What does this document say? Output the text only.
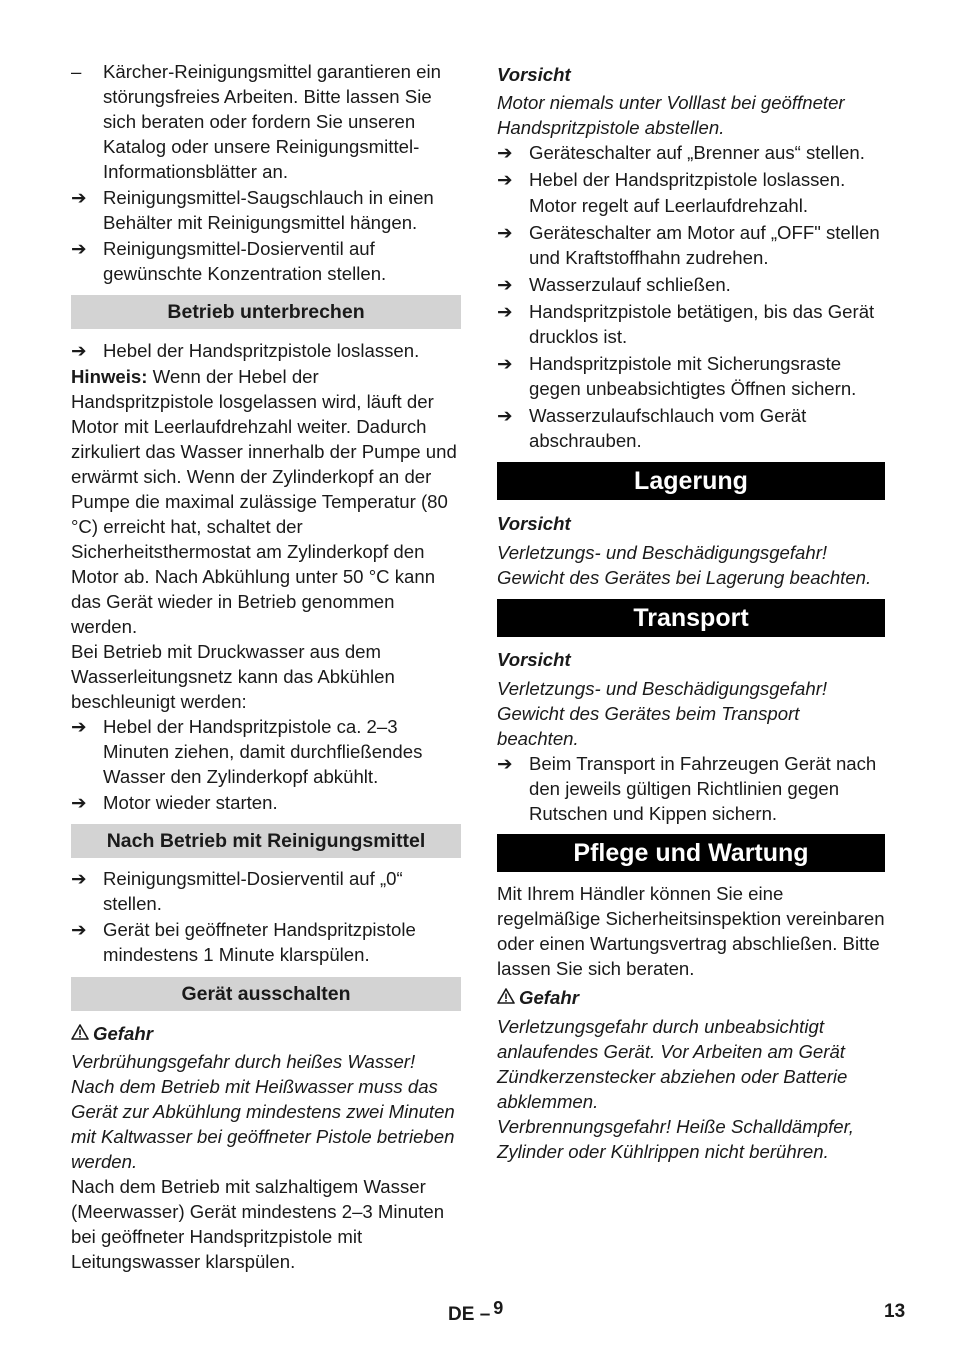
–	Kärcher-Reinigungsmittel garantieren ein störungsfreies Arbeiten. Bitte lassen Sie sich beraten oder fordern Sie unseren Katalog oder unsere Reinigungsmittel-Informationsblätter an.

➔ Reinigungsmittel-Saugschlauch in einen Behälter mit Reinigungsmittel hängen.

➔ Reinigungsmittel-Dosierventil auf gewünschte Konzentration stellen.

Betrieb unterbrechen
➔ Hebel der Handspritzpistole loslassen.

Hinweis: Wenn der Hebel der Handspritzpistole losgelassen wird, läuft der Motor mit Leerlaufdrehzahl weiter. Dadurch zirkuliert das Wasser innerhalb der Pumpe und erwärmt sich. Wenn der Zylinderkopf an der Pumpe die maximal zulässige Temperatur (80 °C) erreicht hat, schaltet der Sicherheitsthermostat am Zylinderkopf den Motor ab. Nach Abkühlung unter 50 °C kann das Gerät wieder in Betrieb genommen werden.

Bei Betrieb mit Druckwasser aus dem Wasserleitungsnetz kann das Abkühlen beschleunigt werden:

➔ Hebel der Handspritzpistole ca. 2–3 Minuten ziehen, damit durchfließendes Wasser den Zylinderkopf abkühlt.

➔ Motor wieder starten.

Nach Betrieb mit Reinigungsmittel
➔ Reinigungsmittel-Dosierventil auf „0“ stellen.

➔ Gerät bei geöffneter Handspritzpistole mindestens 1 Minute klarspülen.

Gerät ausschalten

Gefahr

Verbrühungsgefahr durch heißes Wasser! Nach dem Betrieb mit Heißwasser muss das Gerät zur Abkühlung mindestens zwei Minuten mit Kaltwasser bei geöffneter Pistole betrieben werden.

Nach dem Betrieb mit salzhaltigem Wasser (Meerwasser) Gerät mindestens 2–3 Minuten bei geöffneter Handspritzpistole mit Leitungswasser klarspülen.

Vorsicht

Motor niemals unter Volllast bei geöffneter Handspritzpistole abstellen.

➔ Geräteschalter auf „Brenner aus“ stellen.

➔ Hebel der Handspritzpistole loslassen.

Motor regelt auf Leerlaufdrehzahl.

➔ Geräteschalter am Motor auf „OFF" stellen und Kraftstoffhahn zudrehen.

➔ Wasserzulauf schließen.

➔ Handspritzpistole betätigen, bis das Gerät drucklos ist.

➔ Handspritzpistole mit Sicherungsraste gegen unbeabsichtigtes Öffnen sichern.

➔ Wasserzulaufschlauch vom Gerät abschrauben.

Lagerung

Vorsicht

Verletzungs- und Beschädigungsgefahr! Gewicht des Gerätes bei Lagerung beachten.

Transport

Vorsicht

Verletzungs- und Beschädigungsgefahr! Gewicht des Gerätes beim Transport beachten.

➔ Beim Transport in Fahrzeugen Gerät nach den jeweils gültigen Richtlinien gegen Rutschen und Kippen sichern.

Pflege und Wartung

Mit Ihrem Händler können Sie eine regelmäßige Sicherheitsinspektion vereinbaren oder einen Wartungsvertrag abschließen. Bitte lassen Sie sich beraten.

Gefahr

Verletzungsgefahr durch unbeabsichtigt anlaufendes Gerät. Vor Arbeiten am Gerät Zündkerzenstecker abziehen oder Batterie abklemmen.

Verbrennungsgefahr! Heiße Schalldämpfer, Zylinder oder Kühlrippen nicht berühren.

DE – $^9$	13
